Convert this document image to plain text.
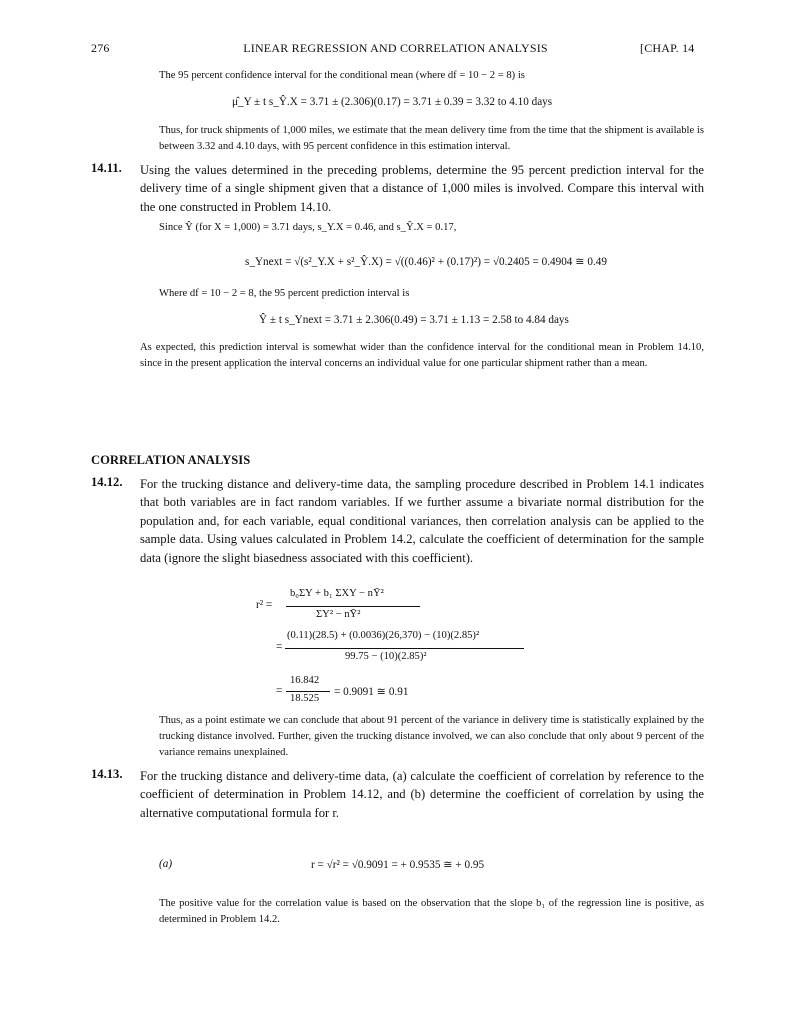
276	LINEAR REGRESSION AND CORRELATION ANALYSIS	[CHAP. 14
The 95 percent confidence interval for the conditional mean (where df = 10 − 2 = 8) is
μ̂_Y ± t s_Ŷ.X = 3.71 ± (2.306)(0.17) = 3.71 ± 0.39 = 3.32 to 4.10 days
Thus, for truck shipments of 1,000 miles, we estimate that the mean delivery time from the time that the shipment is available is between 3.32 and 4.10 days, with 95 percent confidence in this estimation interval.
14.11. Using the values determined in the preceding problems, determine the 95 percent prediction interval for the delivery time of a single shipment given that a distance of 1,000 miles is involved. Compare this interval with the one constructed in Problem 14.10.
Since Ŷ (for X = 1,000) = 3.71 days, s_Y.X = 0.46, and s_Ŷ.X = 0.17,
s_Ynext = √(s²_Y.X + s²_Ŷ.X) = √((0.46)² + (0.17)²) = √0.2405 = 0.4904 ≅ 0.49
Where df = 10 − 2 = 8, the 95 percent prediction interval is
Ŷ ± t s_Ynext = 3.71 ± 2.306(0.49) = 3.71 ± 1.13 = 2.58 to 4.84 days
As expected, this prediction interval is somewhat wider than the confidence interval for the conditional mean in Problem 14.10, since in the present application the interval concerns an individual value for one particular shipment rather than a mean.
CORRELATION ANALYSIS
14.12. For the trucking distance and delivery-time data, the sampling procedure described in Problem 14.1 indicates that both variables are in fact random variables. If we further assume a bivariate normal distribution for the population and, for each variable, equal conditional variances, then correlation analysis can be applied to the sample data. Using values calculated in Problem 14.2, calculate the coefficient of determination for the sample data (ignore the slight biasedness associated with this coefficient).
r² =
b₀ΣY + b₁ ΣXY − nȲ²
ΣY² − nȲ²
=
(0.11)(28.5) + (0.0036)(26,370) − (10)(2.85)²
99.75 − (10)(2.85)²
=
16.842
18.525
= 0.9091 ≅ 0.91
Thus, as a point estimate we can conclude that about 91 percent of the variance in delivery time is statistically explained by the trucking distance involved. Further, given the trucking distance involved, we can also conclude that only about 9 percent of the variance remains unexplained.
14.13. For the trucking distance and delivery-time data, (a) calculate the coefficient of correlation by reference to the coefficient of determination in Problem 14.12, and (b) determine the coefficient of correlation by using the alternative computational formula for r.
(a)	r = √r² = √0.9091 = + 0.9535 ≅ + 0.95
The positive value for the correlation value is based on the observation that the slope b₁ of the regression line is positive, as determined in Problem 14.2.
